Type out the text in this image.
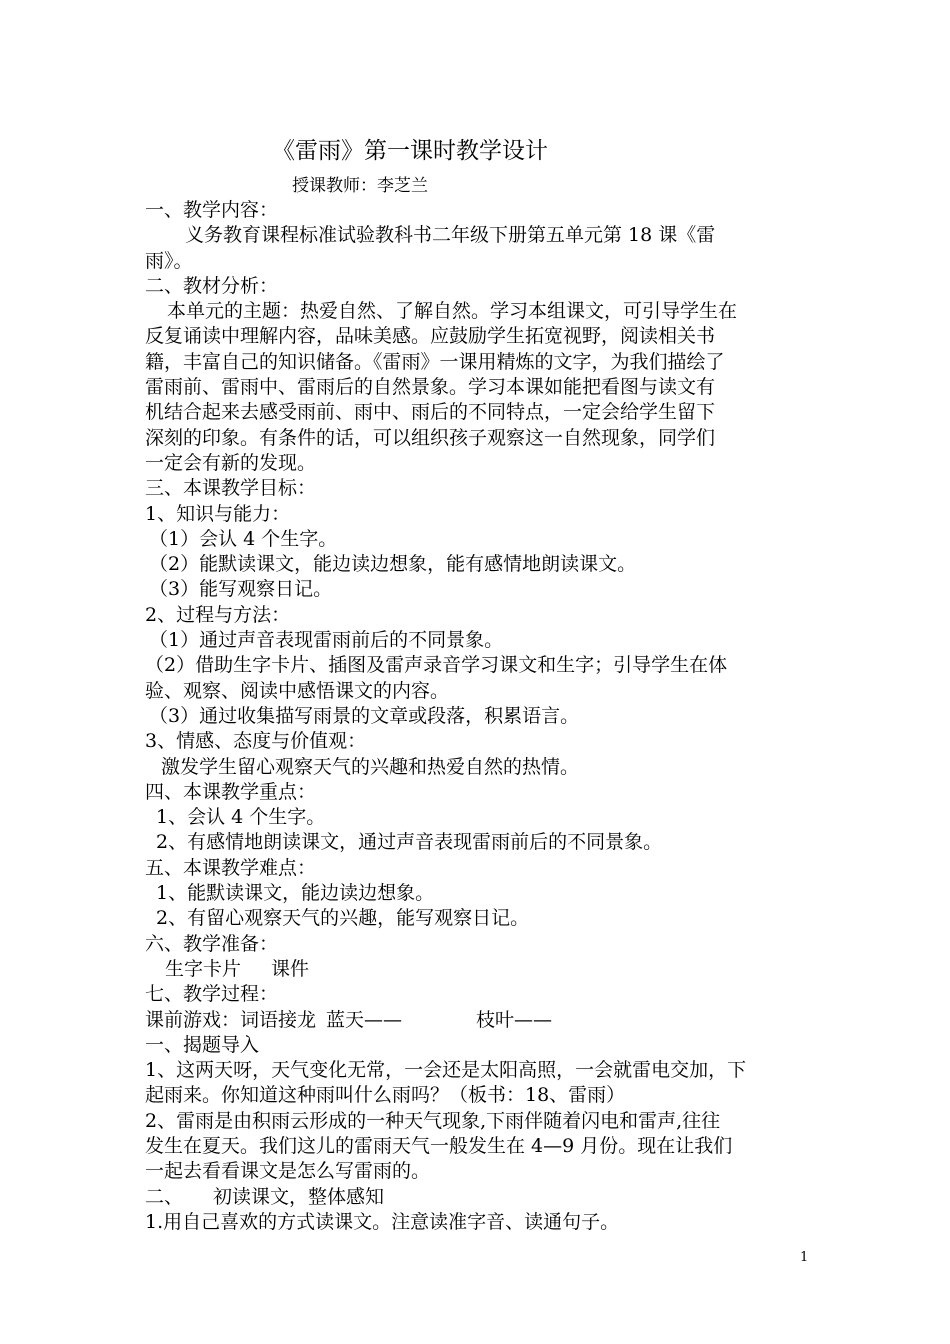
《雷雨》第一课时教学设计
授课教师：李芝兰
一、教学内容：
义务教育课程标准试验教科书二年级下册第五单元第 18 课《雷
雨》。
二、教材分析：
本单元的主题：热爱自然、了解自然。学习本组课文，可引导学生在
反复诵读中理解内容，品味美感。应鼓励学生拓宽视野，阅读相关书
籍，丰富自己的知识储备。《雷雨》一课用精炼的文字，为我们描绘了
雷雨前、雷雨中、雷雨后的自然景象。学习本课如能把看图与读文有
机结合起来去感受雨前、雨中、雨后的不同特点，一定会给学生留下
深刻的印象。有条件的话，可以组织孩子观察这一自然现象，同学们
一定会有新的发现。
三、本课教学目标：
1、知识与能力：
（1）会认 4 个生字。
（2）能默读课文，能边读边想象，能有感情地朗读课文。
（3）能写观察日记。
2、过程与方法：
（1）通过声音表现雷雨前后的不同景象。
（2）借助生字卡片、插图及雷声录音学习课文和生字；引导学生在体
验、观察、阅读中感悟课文的内容。
（3）通过收集描写雨景的文章或段落，积累语言。
3、情感、态度与价值观：
激发学生留心观察天气的兴趣和热爱自然的热情。
四、本课教学重点：
1、会认 4 个生字。
2、有感情地朗读课文，通过声音表现雷雨前后的不同景象。
五、本课教学难点：
1、能默读课文，能边读边想象。
2、有留心观察天气的兴趣，能写观察日记。
六、教学准备：
生字卡片 课件
七、教学过程：
课前游戏：词语接龙 蓝天——	枝叶——
一、揭题导入
1、这两天呀，天气变化无常，一会还是太阳高照，一会就雷电交加，下
起雨来。你知道这种雨叫什么雨吗？（板书：18、雷雨）
2、雷雨是由积雨云形成的一种天气现象,下雨伴随着闪电和雷声,往往
发生在夏天。我们这儿的雷雨天气一般发生在 4—9 月份。现在让我们
一起去看看课文是怎么写雷雨的。
二、 初读课文，整体感知
1.用自己喜欢的方式读课文。注意读准字音、读通句子。
1
